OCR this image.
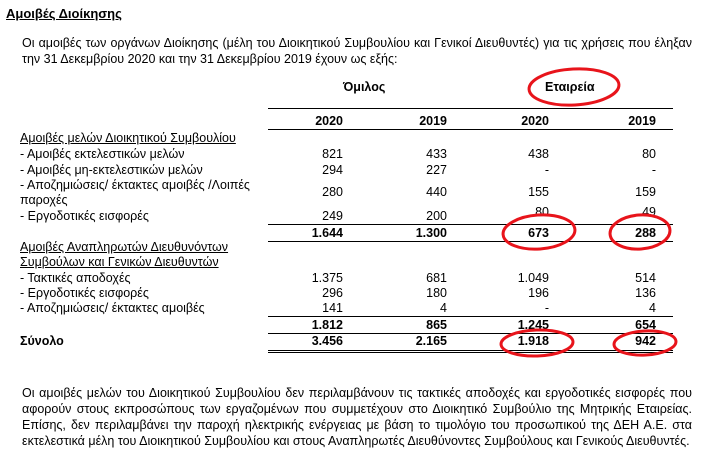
Αμοιβές Διοίκησης
Οι αμοιβές των οργάνων Διοίκησης (μέλη του Διοικητικού Συμβουλίου και Γενικοί Διευθυντές) για τις χρήσεις που έληξαν την 31 Δεκεμβρίου 2020 και την 31 Δεκεμβρίου 2019 έχουν ως εξής:
Όμιλος	Εταιρεία
2020	2019	2020	2019
Αμοιβές μελών Διοικητικού Συμβουλίου
- Αμοιβές εκτελεστικών μελών	821	433	438	80
- Αμοιβές μη-εκτελεστικών μελών	294	227	-	-
- Αποζημιώσεις/ έκτακτες αμοιβές /Λοιπές
παροχές
280	440	155	159
- Εργοδοτικές εισφορές	249	200	80	49
1.644	1.300	673	288
Αμοιβές Αναπληρωτών Διευθυνόντων
Συμβούλων και Γενικών Διευθυντών
- Τακτικές αποδοχές	1.375	681	1.049	514
- Εργοδοτικές εισφορές	296	180	196	136
- Αποζημιώσεις/ έκτακτες αμοιβές	141	4	-	4
1.812	865	1.245	654
Σύνολο	3.456	2.165	1.918	942
Οι αμοιβές μελών του Διοικητικού Συμβουλίου δεν περιλαμβάνουν τις τακτικές αποδοχές και εργοδοτικές εισφορές που αφορούν στους εκπροσώπους των εργαζομένων που συμμετέχουν στο Διοικητικό Συμβούλιο της Μητρικής Εταιρείας. Επίσης, δεν περιλαμβάνει την παροχή ηλεκτρικής ενέργειας με βάση το τιμολόγιο του προσωπικού της ΔΕΗ Α.Ε. στα εκτελεστικά μέλη του Διοικητικού Συμβουλίου και στους Αναπληρωτές Διευθύνοντες Συμβούλους και Γενικούς Διευθυντές.
